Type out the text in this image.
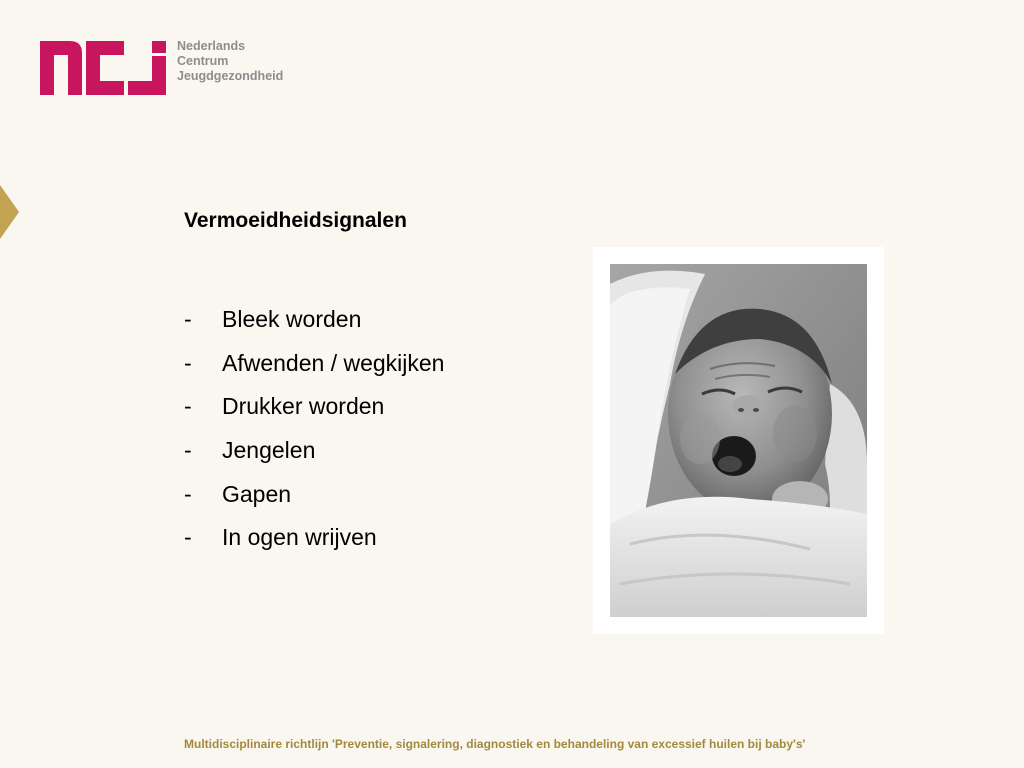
Nederlands
Centrum
Jeugdgezondheid
Vermoeidheidsignalen
-	Bleek worden
-	Afwenden / wegkijken
-	Drukker worden
-	Jengelen
-	Gapen
-	In ogen wrijven
Multidisciplinaire richtlijn 'Preventie, signalering, diagnostiek en behandeling van excessief huilen bij baby's'
